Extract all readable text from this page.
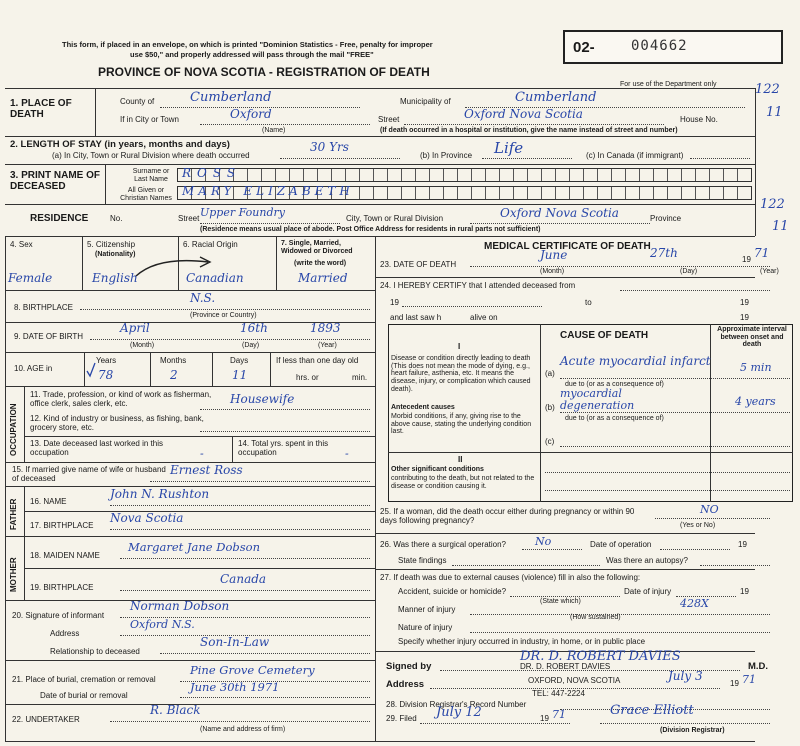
This form, if placed in an envelope, on which is printed "Dominion Statistics - Free, penalty for improper
use $50," and properly addressed will pass through the mail "FREE"
PROVINCE OF NOVA SCOTIA - REGISTRATION OF DEATH
02-	004662
For use of the Department only	122
11
122
11
1. PLACE OF DEATH
County of	Cumberland	Municipality of	Cumberland
If in City or Town	Oxford
(Name)
Street	Oxford Nova Scotia	House No.
(If death occurred in a hospital or institution, give the name instead of street and number)
2. LENGTH OF STAY (in years, months and days)
(a) In City, Town or Rural Division where death occurred
30 Yrs
(b) In Province Life	(c) In Canada (if immigrant)
3. PRINT NAME OF DECEASED
Surname or Last Name
All Given or Christian Names
ROSS
MARY ELIZABETH
RESIDENCE	No.	Street Upper Foundry	City, Town or Rural Division	Oxford Nova Scotia	Province
(Residence means usual place of abode. Post Office Address for residents in rural parts not sufficient)
4. Sex	5. Citizenship
(Nationality)
6. Racial Origin	7. Single, Married, Widowed or Divorced
(write the word)
Female	English	Canadian	Married
8. BIRTHPLACE
N.S.
(Province or Country)
9. DATE OF BIRTH
April	16th	1893
(Month)	(Day)	(Year)
10. AGE in
Years	Months	Days
78	2	11
If less than one day old
hrs. or	min.
OCCUPATION
11. Trade, profession, or kind of work as fisherman, office clerk, sales clerk, etc.	Housewife
12. Kind of industry or business, as fishing, bank, grocery store, etc.
13. Date deceased last worked in this occupation	-
14. Total yrs. spent in this occupation	-
15. If married give name of wife or husband of deceased
Ernest Ross
FATHER 16. NAME
John N. Rushton
17. BIRTHPLACE
Nova Scotia
MOTHER
18. MAIDEN NAME
Margaret Jane Dobson
19. BIRTHPLACE
Canada
20. Signature of informant
Norman Dobson
Address
Oxford N.S.
Relationship to deceased
Son-In-Law
21. Place of burial, cremation or removal
Pine Grove Cemetery
Date of burial or removal
June 30th 1971
22. UNDERTAKER
R. Black
(Name and address of firm)
MEDICAL CERTIFICATE OF DEATH
23. DATE OF DEATH
June	27th	19 71
(Month)	(Day)	(Year)
24. I HEREBY CERTIFY that I attended deceased from
19	to	19
and last saw h	alive on	19
CAUSE OF DEATH
Approximate interval between onset and death
I
Disease or condition directly leading to death (This does not mean the mode of dying, e.g., heart failure, asthenia, etc. It means the disease, injury, or complication which caused death).
Antecedent causes
Morbid conditions, if any, giving rise to the above cause, stating the underlying condition last.
II
Other significant conditions
contributing to the death, but not related to the disease or condition causing it.
(a)
Acute myocardial infarct	5 min
due to (or as a consequence of)
(b)
myocardial degeneration	4 years
due to (or as a consequence of)
(c)
25. If a woman, did the death occur either during pregnancy or within 90 days following pregnancy?
NO
(Yes or No)
26. Was there a surgical operation?	No	Date of operation	19
State findings	Was there an autopsy?
27. If death was due to external causes (violence) fill in also the following:
Accident, suicide or homicide?
(State which)
Date of injury	19
428X
Manner of injury
(How sustained)
Nature of injury
Specify whether injury occurred in industry, in home, or in public place
Signed by
DR. D. ROBERT DAVIES
DR. D. ROBERT DAVIES	M.D.
Address	OXFORD, NOVA SCOTIA	July 3
19 71
TEL: 447-2224
28. Division Registrar's Record Number
29. Filed July 12	19 71	Grace Elliott
(Division Registrar)
